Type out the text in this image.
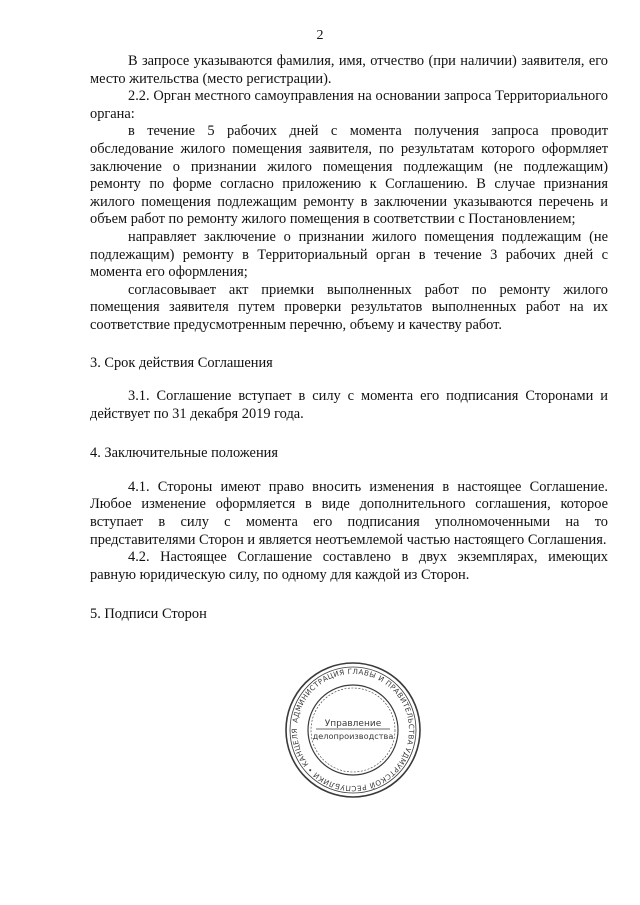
2

В запросе указываются фамилия, имя, отчество (при наличии) заявителя, его место жительства (место регистрации).

2.2. Орган местного самоуправления на основании запроса Территориального органа:

в течение 5 рабочих дней с момента получения запроса проводит обследование жилого помещения заявителя, по результатам которого оформляет заключение о признании жилого помещения подлежащим (не подлежащим) ремонту по форме согласно приложению к Соглашению. В случае признания жилого помещения подлежащим ремонту в заключении указываются перечень и объем работ по ремонту жилого помещения в соответствии с Постановлением;

направляет заключение о признании жилого помещения подлежащим (не подлежащим) ремонту в Территориальный орган в течение 3 рабочих дней с момента его оформления;

согласовывает акт приемки выполненных работ по ремонту жилого помещения заявителя путем проверки результатов выполненных работ на их соответствие предусмотренным перечню, объему и качеству работ.

3. Срок действия Соглашения

3.1. Соглашение вступает в силу с момента его подписания Сторонами и действует по 31 декабря 2019 года.

4. Заключительные положения

4.1. Стороны имеют право вносить изменения в настоящее Соглашение. Любое изменение оформляется в виде дополнительного соглашения, которое вступает в силу с момента его подписания уполномоченными на то представителями Сторон и является неотъемлемой частью настоящего Соглашения.

4.2. Настоящее Соглашение составлено в двух экземплярах, имеющих равную юридическую силу, по одному для каждой из Сторон.

5. Подписи Сторон

АДМИНИСТРАЦИЯ ГЛАВЫ И ПРАВИТЕЛЬСТВА УДМУРТСКОЙ РЕСПУБЛИКИ • КАНЦЕЛЯ
Управление
делопроизводства
